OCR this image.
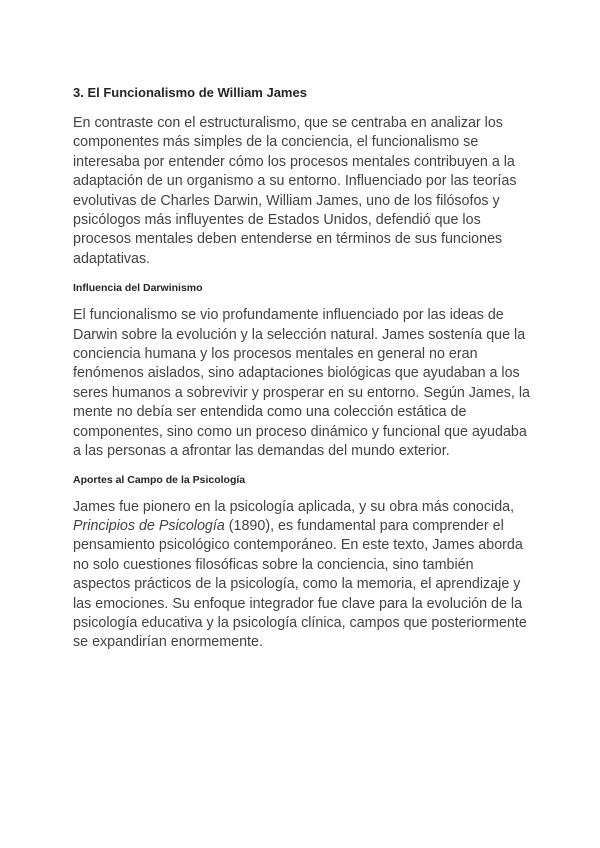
3. El Funcionalismo de William James

En contraste con el estructuralismo, que se centraba en analizar los componentes más simples de la conciencia, el funcionalismo se interesaba por entender cómo los procesos mentales contribuyen a la adaptación de un organismo a su entorno. Influenciado por las teorías evolutivas de Charles Darwin, William James, uno de los filósofos y psicólogos más influyentes de Estados Unidos, defendió que los procesos mentales deben entenderse en términos de sus funciones adaptativas.

Influencia del Darwinismo

El funcionalismo se vio profundamente influenciado por las ideas de Darwin sobre la evolución y la selección natural. James sostenía que la conciencia humana y los procesos mentales en general no eran fenómenos aislados, sino adaptaciones biológicas que ayudaban a los seres humanos a sobrevivir y prosperar en su entorno. Según James, la mente no debía ser entendida como una colección estática de componentes, sino como un proceso dinámico y funcional que ayudaba a las personas a afrontar las demandas del mundo exterior.

Aportes al Campo de la Psicología

James fue pionero en la psicología aplicada, y su obra más conocida, Principios de Psicología (1890), es fundamental para comprender el pensamiento psicológico contemporáneo. En este texto, James aborda no solo cuestiones filosóficas sobre la conciencia, sino también aspectos prácticos de la psicología, como la memoria, el aprendizaje y las emociones. Su enfoque integrador fue clave para la evolución de la psicología educativa y la psicología clínica, campos que posteriormente se expandirían enormemente.
